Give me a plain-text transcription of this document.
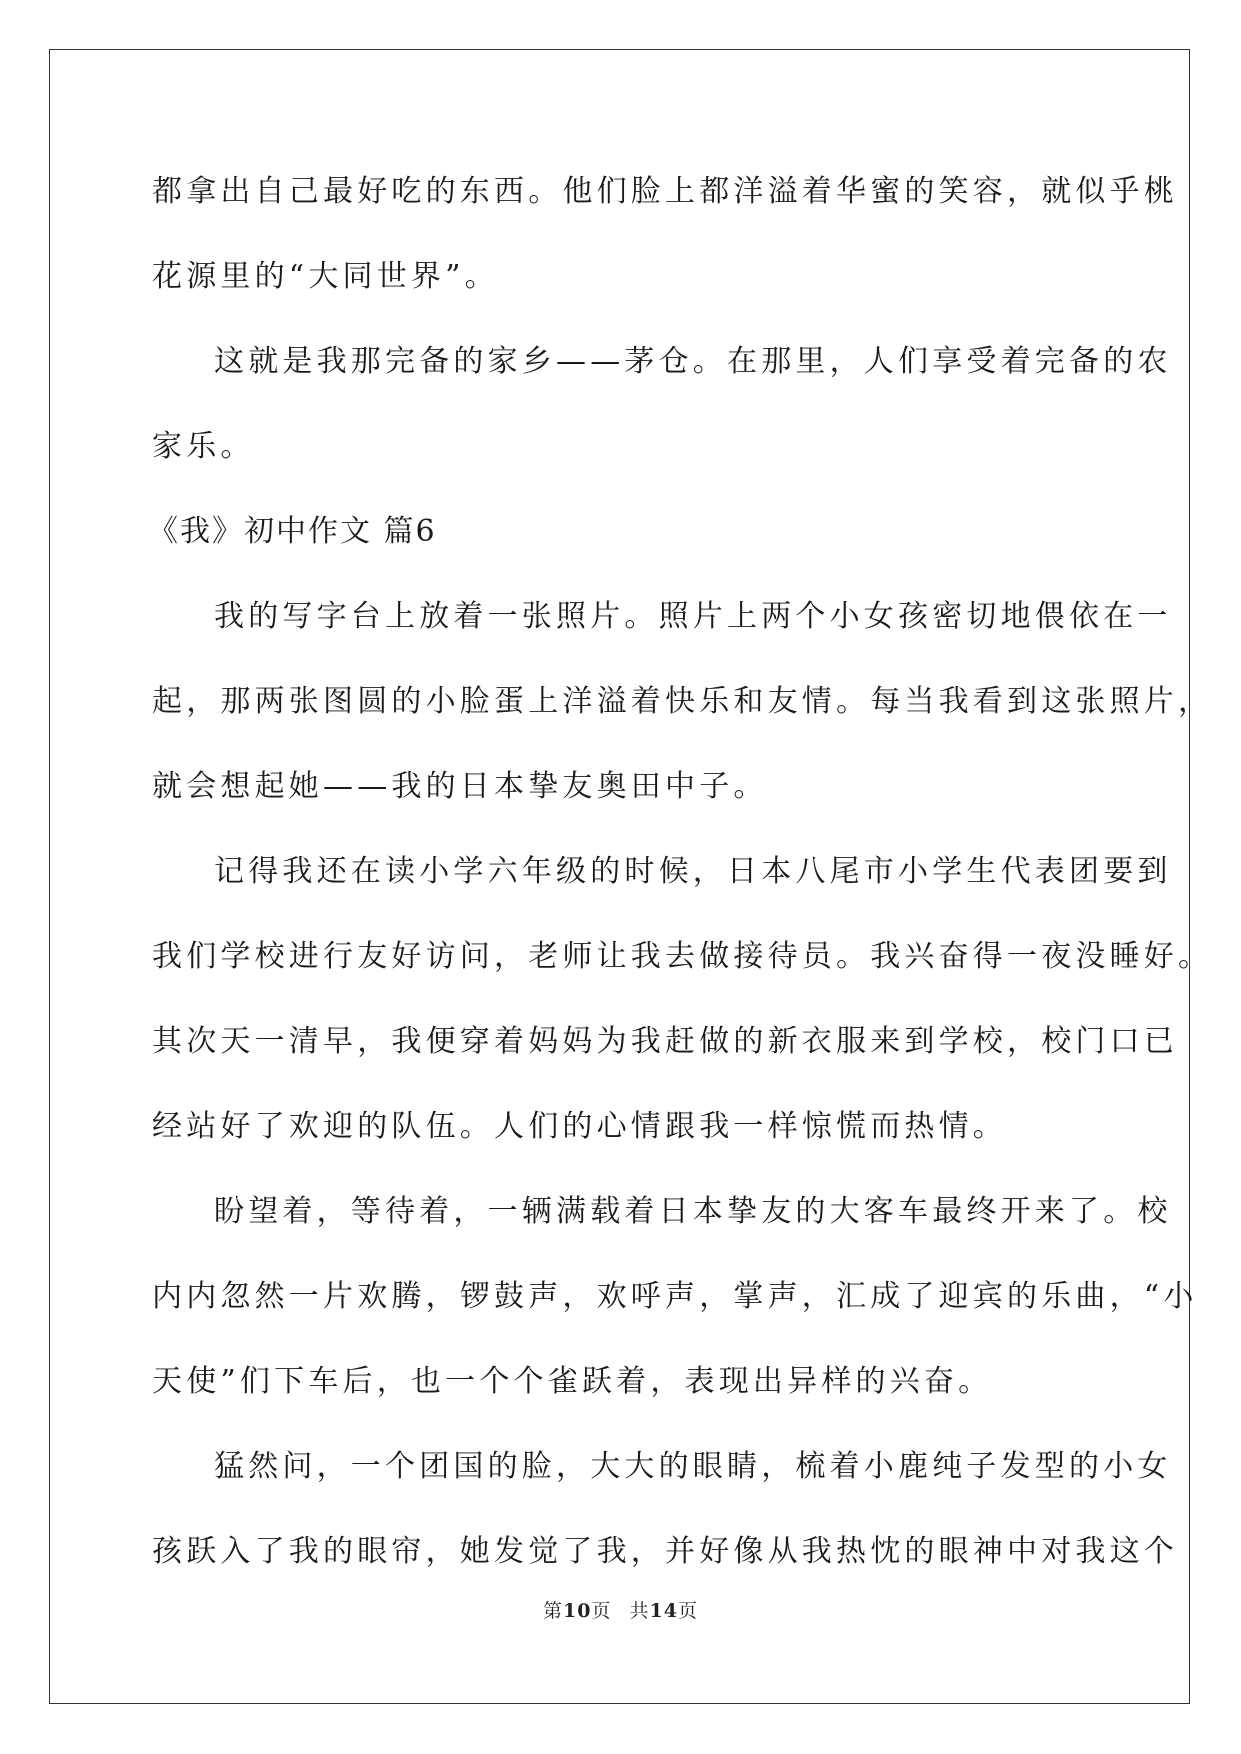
都拿出自己最好吃的东西。他们脸上都洋溢着华蜜的笑容，就似乎桃
花源里的“大同世界”。
这就是我那完备的家乡——茅仓。在那里，人们享受着完备的农
家乐。
《我》初中作文 篇6
我的写字台上放着一张照片。照片上两个小女孩密切地偎依在一
起，那两张图圆的小脸蛋上洋溢着快乐和友情。每当我看到这张照片，
就会想起她——我的日本挚友奥田中子。
记得我还在读小学六年级的时候，日本八尾市小学生代表团要到
我们学校进行友好访问，老师让我去做接待员。我兴奋得一夜没睡好。
其次天一清早，我便穿着妈妈为我赶做的新衣服来到学校，校门口已
经站好了欢迎的队伍。人们的心情跟我一样惊慌而热情。
盼望着，等待着，一辆满载着日本挚友的大客车最终开来了。校
内内忽然一片欢腾，锣鼓声，欢呼声，掌声，汇成了迎宾的乐曲，“小
天使”们下车后，也一个个雀跃着，表现出异样的兴奋。
猛然问，一个团国的脸，大大的眼睛，梳着小鹿纯子发型的小女
孩跃入了我的眼帘，她发觉了我，并好像从我热忱的眼神中对我这个
第10页 共14页
